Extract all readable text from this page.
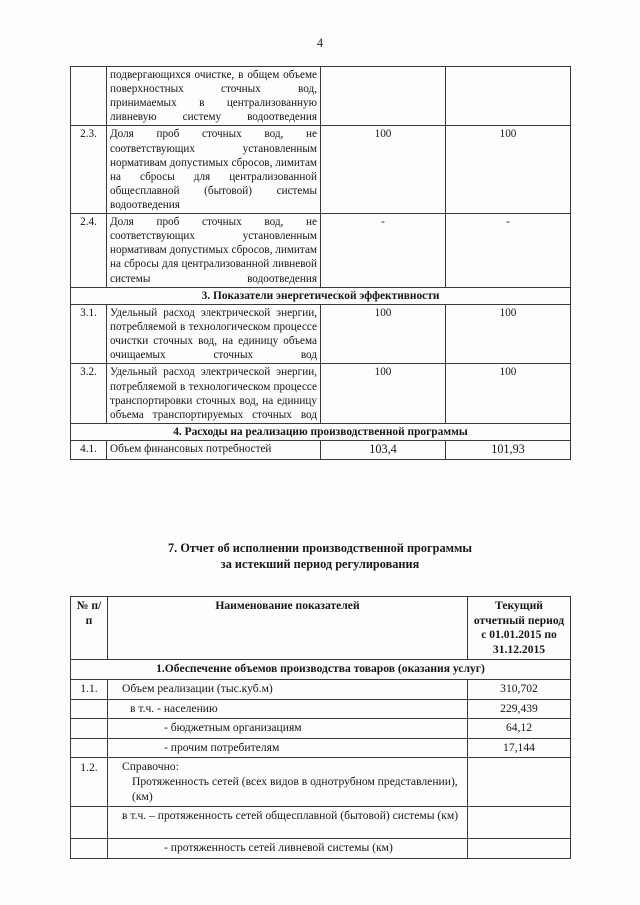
4
	подвергающихся очистке, в общем объеме поверхностных сточных вод, принимаемых в централизованную ливневую систему водоотведения		
2.3.	Доля проб сточных вод, не соответствующих установленным нормативам допустимых сбросов, лимитам на сбросы для централизованной общесплавной (бытовой) системы водоотведения	100	100
2.4.	Доля проб сточных вод, не соответствующих установленным нормативам допустимых сбросов, лимитам на сбросы для централизованной ливневой системы водоотведения	-	-
3. Показатели энергетической эффективности			
3.1.	Удельный расход электрической энергии, потребляемой в технологическом процессе очистки сточных вод, на единицу объема очищаемых сточных вод	100	100
3.2.	Удельный расход электрической энергии, потребляемой в технологическом процессе транспортировки сточных вод, на единицу объема транспортируемых сточных вод	100	100
4. Расходы на реализацию производственной программы			
4.1.	Объем финансовых потребностей	103,4	101,93
7. Отчет об исполнении производственной программы
за истекший период регулирования
№ п/п	Наименование показателей	Текущий
отчетный период
с 01.01.2015 по
31.12.2015

1.Обеспечение объемов производства товаров (оказания услуг)		
1.1.	Объем реализации (тыс.куб.м)	310,702
	в т.ч. - населению	229,439
	- бюджетным организациям	64,12
	- прочим потребителям	17,144
1.2.	Справочно:
Протяженность сетей (всех видов в однотрубном представлении), (км)	

	в т.ч. – протяженность сетей общесплавной (бытовой) системы (км)	
	- протяженность сетей ливневой системы (км)	
